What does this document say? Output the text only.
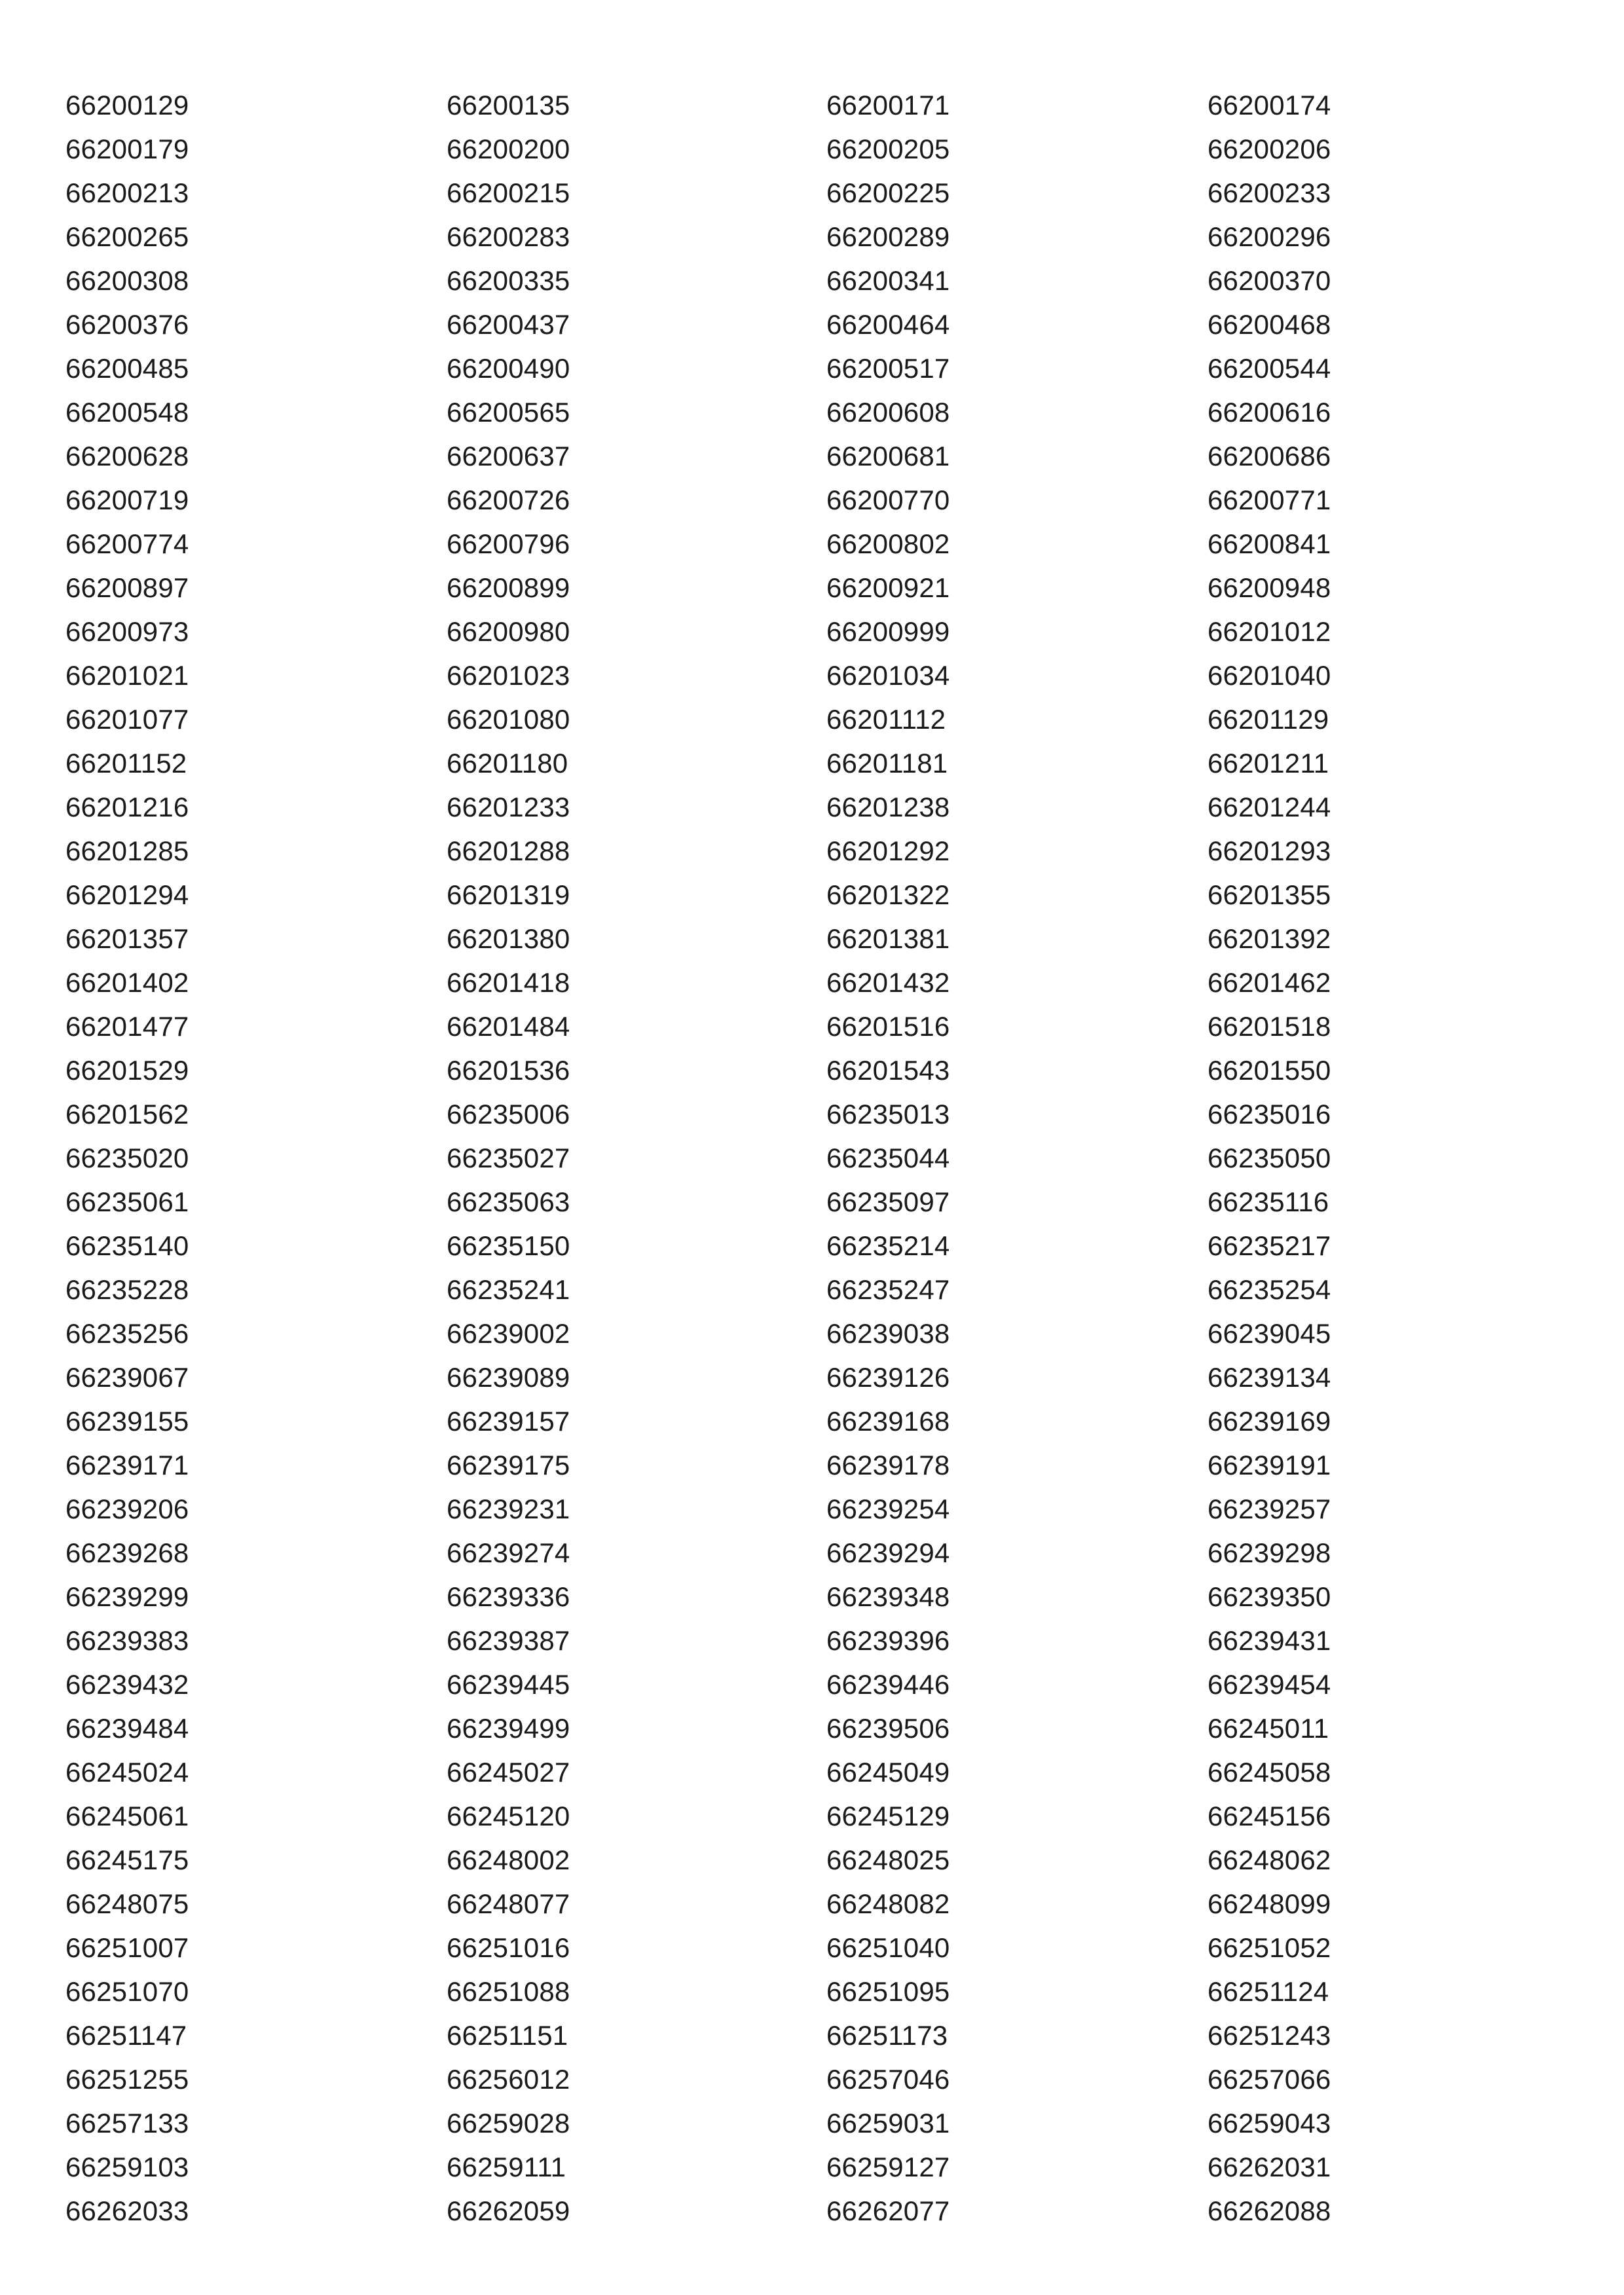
66200129	66200135	66200171	66200174
66200179	66200200	66200205	66200206
66200213	66200215	66200225	66200233
66200265	66200283	66200289	66200296
66200308	66200335	66200341	66200370
66200376	66200437	66200464	66200468
66200485	66200490	66200517	66200544
66200548	66200565	66200608	66200616
66200628	66200637	66200681	66200686
66200719	66200726	66200770	66200771
66200774	66200796	66200802	66200841
66200897	66200899	66200921	66200948
66200973	66200980	66200999	66201012
66201021	66201023	66201034	66201040
66201077	66201080	66201112	66201129
66201152	66201180	66201181	66201211
66201216	66201233	66201238	66201244
66201285	66201288	66201292	66201293
66201294	66201319	66201322	66201355
66201357	66201380	66201381	66201392
66201402	66201418	66201432	66201462
66201477	66201484	66201516	66201518
66201529	66201536	66201543	66201550
66201562	66235006	66235013	66235016
66235020	66235027	66235044	66235050
66235061	66235063	66235097	66235116
66235140	66235150	66235214	66235217
66235228	66235241	66235247	66235254
66235256	66239002	66239038	66239045
66239067	66239089	66239126	66239134
66239155	66239157	66239168	66239169
66239171	66239175	66239178	66239191
66239206	66239231	66239254	66239257
66239268	66239274	66239294	66239298
66239299	66239336	66239348	66239350
66239383	66239387	66239396	66239431
66239432	66239445	66239446	66239454
66239484	66239499	66239506	66245011
66245024	66245027	66245049	66245058
66245061	66245120	66245129	66245156
66245175	66248002	66248025	66248062
66248075	66248077	66248082	66248099
66251007	66251016	66251040	66251052
66251070	66251088	66251095	66251124
66251147	66251151	66251173	66251243
66251255	66256012	66257046	66257066
66257133	66259028	66259031	66259043
66259103	66259111	66259127	66262031
66262033	66262059	66262077	66262088
